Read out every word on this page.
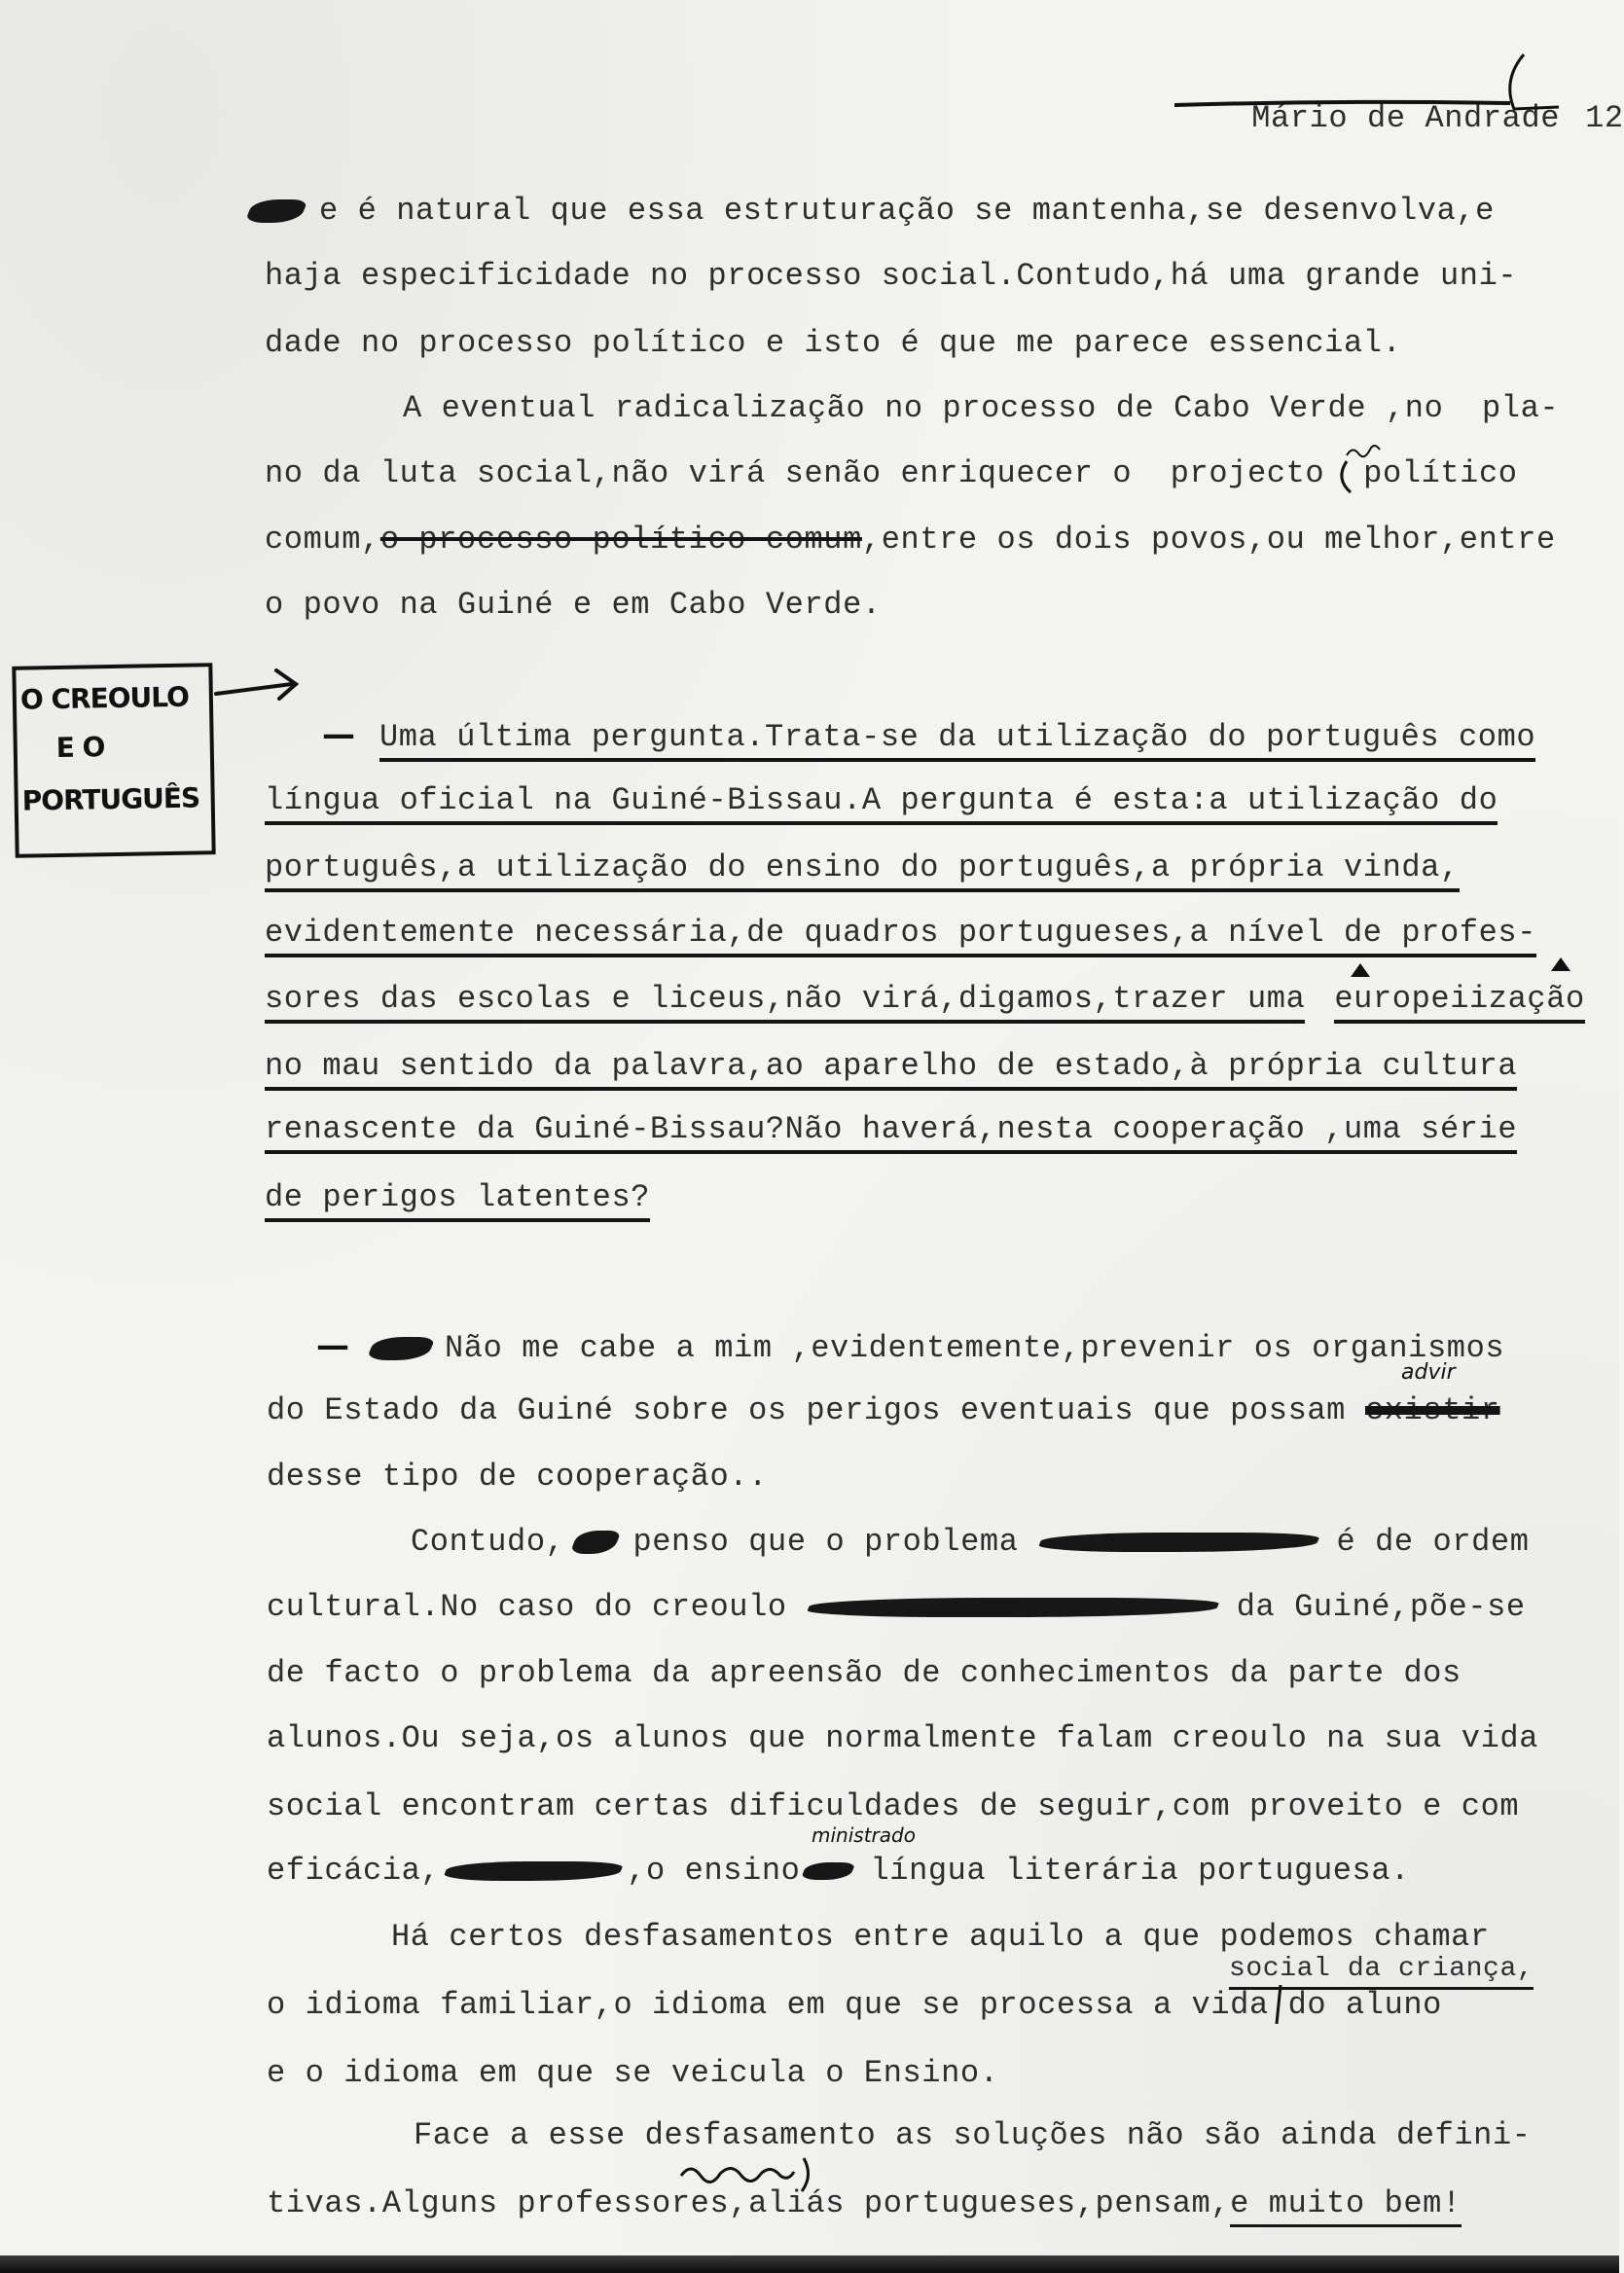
Mário de Andrade 12

O CREOULO
E O
PORTUGUÊS
e é natural que essa estruturação se mantenha,se desenvolva,e
haja especificidade no processo social.Contudo,há uma grande uni-
dade no processo político e isto é que me parece essencial.
A eventual radicalização no processo de Cabo Verde ,no  pla-
no da luta social,não virá senão enriquecer o  projecto político
comum,o processo político comum,entre os dois povos,ou melhor,entre
o povo na Guiné e em Cabo Verde.
— Uma última pergunta.Trata-se da utilização do português como
língua oficial na Guiné-Bissau.A pergunta é esta:a utilização do
português,a utilização do ensino do português,a própria vinda,
evidentemente necessária,de quadros portugueses,a nível de profes-
sores das escolas e liceus,não virá,digamos,trazer uma europeiização
no mau sentido da palavra,ao aparelho de estado,à própria cultura
renascente da Guiné-Bissau?Não haverá,nesta cooperação ,uma série
de perigos latentes?
—	Não me cabe a mim ,evidentemente,prevenir os organismos
advir
do Estado da Guiné sobre os perigos eventuais que possam existir
desse tipo de cooperação..
Contudo, penso que o problema	é de ordem
cultural.No caso do creoulo	da Guiné,põe-se
de facto o problema da apreensão de conhecimentos da parte dos
alunos.Ou seja,os alunos que normalmente falam creoulo na sua vida
social encontram certas dificuldades de seguir,com proveito e com
ministrado
eficácia,	,o ensino língua literária portuguesa.
Há certos desfasamentos entre aquilo a que podemos chamar
social da criança,
o idioma familiar,o idioma em que se processa a vida do aluno
e o idioma em que se veicula o Ensino.
Face a esse desfasamento as soluções não são ainda defini-
tivas.Alguns professores,aliás portugueses,pensam,e muito bem!
